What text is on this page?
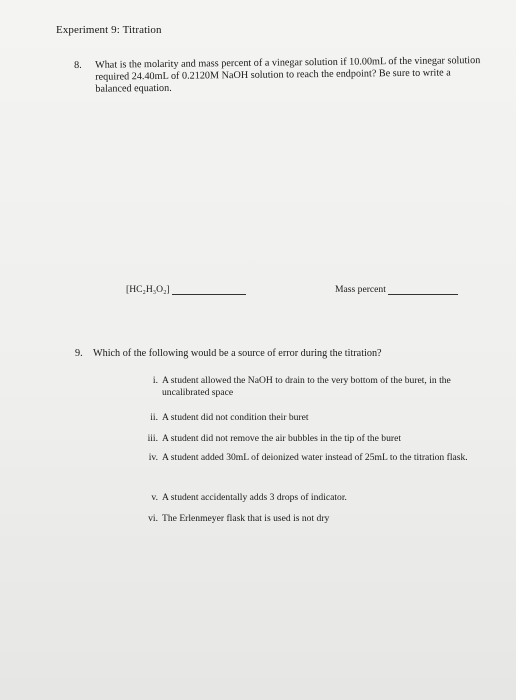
Experiment 9: Titration
8. What is the molarity and mass percent of a vinegar solution if 10.00mL of the vinegar solution required 24.40mL of 0.2120M NaOH solution to reach the endpoint? Be sure to write a balanced equation.
[HC₂H₃O₂]	Mass percent
9. Which of the following would be a source of error during the titration?
i. A student allowed the NaOH to drain to the very bottom of the buret, in the uncalibrated space
ii. A student did not condition their buret
iii. A student did not remove the air bubbles in the tip of the buret
iv. A student added 30mL of deionized water instead of 25mL to the titration flask.
v. A student accidentally adds 3 drops of indicator.
vi. The Erlenmeyer flask that is used is not dry
